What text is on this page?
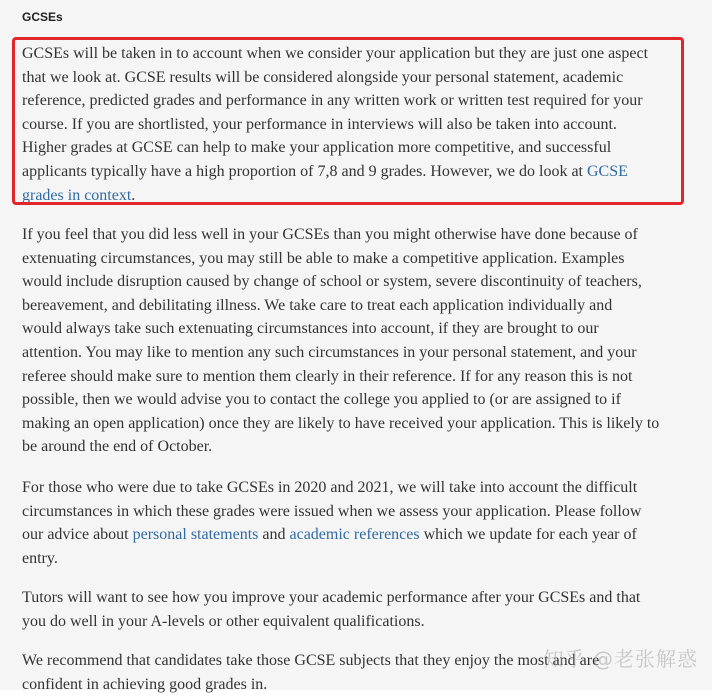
GCSEs

GCSEs will be taken in to account when we consider your application but they are just one aspect
that we look at. GCSE results will be considered alongside your personal statement, academic
reference, predicted grades and performance in any written work or written test required for your
course. If you are shortlisted, your performance in interviews will also be taken into account.
Higher grades at GCSE can help to make your application more competitive, and successful
applicants typically have a high proportion of 7,8 and 9 grades. However, we do look at GCSE
grades in context.

If you feel that you did less well in your GCSEs than you might otherwise have done because of
extenuating circumstances, you may still be able to make a competitive application. Examples
would include disruption caused by change of school or system, severe discontinuity of teachers,
bereavement, and debilitating illness. We take care to treat each application individually and
would always take such extenuating circumstances into account, if they are brought to our
attention. You may like to mention any such circumstances in your personal statement, and your
referee should make sure to mention them clearly in their reference. If for any reason this is not
possible, then we would advise you to contact the college you applied to (or are assigned to if
making an open application) once they are likely to have received your application. This is likely to
be around the end of October.

For those who were due to take GCSEs in 2020 and 2021, we will take into account the difficult
circumstances in which these grades were issued when we assess your application. Please follow
our advice about personal statements and academic references which we update for each year of
entry.

Tutors will want to see how you improve your academic performance after your GCSEs and that
you do well in your A-levels or other equivalent qualifications.

We recommend that candidates take those GCSE subjects that they enjoy the most and are
confident in achieving good grades in.

知乎 @老张解惑
